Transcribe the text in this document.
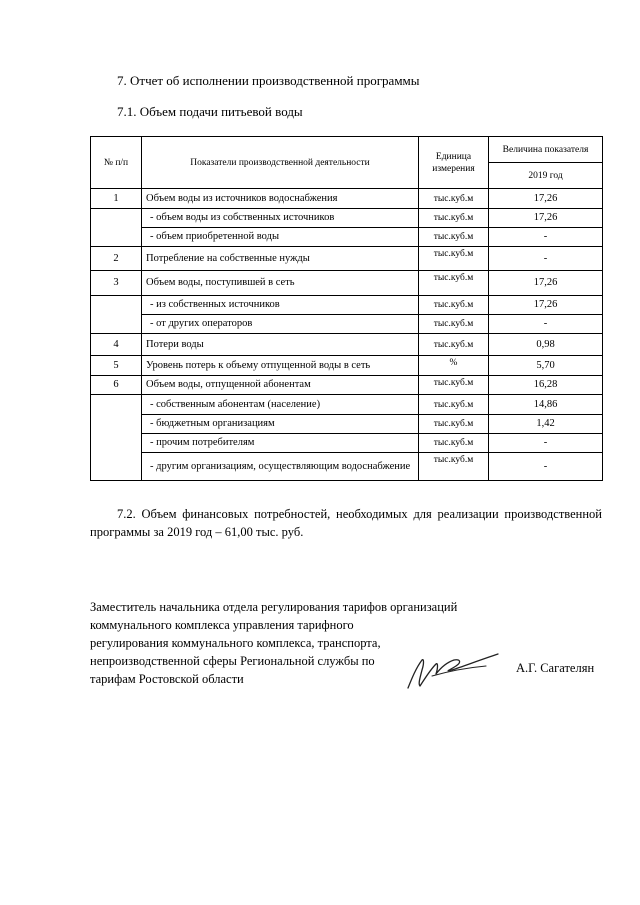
7. Отчет об исполнении производственной программы
7.1. Объем подачи питьевой воды
№ п/п	Показатели производственной деятельности	Единица измерения	Величина показателя
			2019 год
1	Объем воды из источников водоснабжения	тыс.куб.м	17,26
	- объем воды из собственных источников	тыс.куб.м	17,26
	- объем приобретенной воды	тыс.куб.м	-
2	Потребление на собственные нужды	тыс.куб.м	-
3	Объем воды, поступившей в сеть	тыс.куб.м	17,26
	- из собственных источников	тыс.куб.м	17,26
	- от других операторов	тыс.куб.м	-
4	Потери воды	тыс.куб.м	0,98
5	Уровень потерь к объему отпущенной воды в сеть	%	5,70
6	Объем воды, отпущенной абонентам	тыс.куб.м	16,28
	- собственным абонентам (население)	тыс.куб.м	14,86
	- бюджетным организациям	тыс.куб.м	1,42
	- прочим потребителям	тыс.куб.м	-
	- другим организациям, осуществляющим водоснабжение	тыс.куб.м	-
7.2. Объем финансовых потребностей, необходимых для реализации производственной программы за 2019 год – 61,00 тыс. руб.
Заместитель начальника отдела регулирования тарифов организаций
коммунального комплекса управления тарифного
регулирования коммунального комплекса, транспорта,
непроизводственной сферы Региональной службы по
тарифам Ростовской области
А.Г. Сагателян
